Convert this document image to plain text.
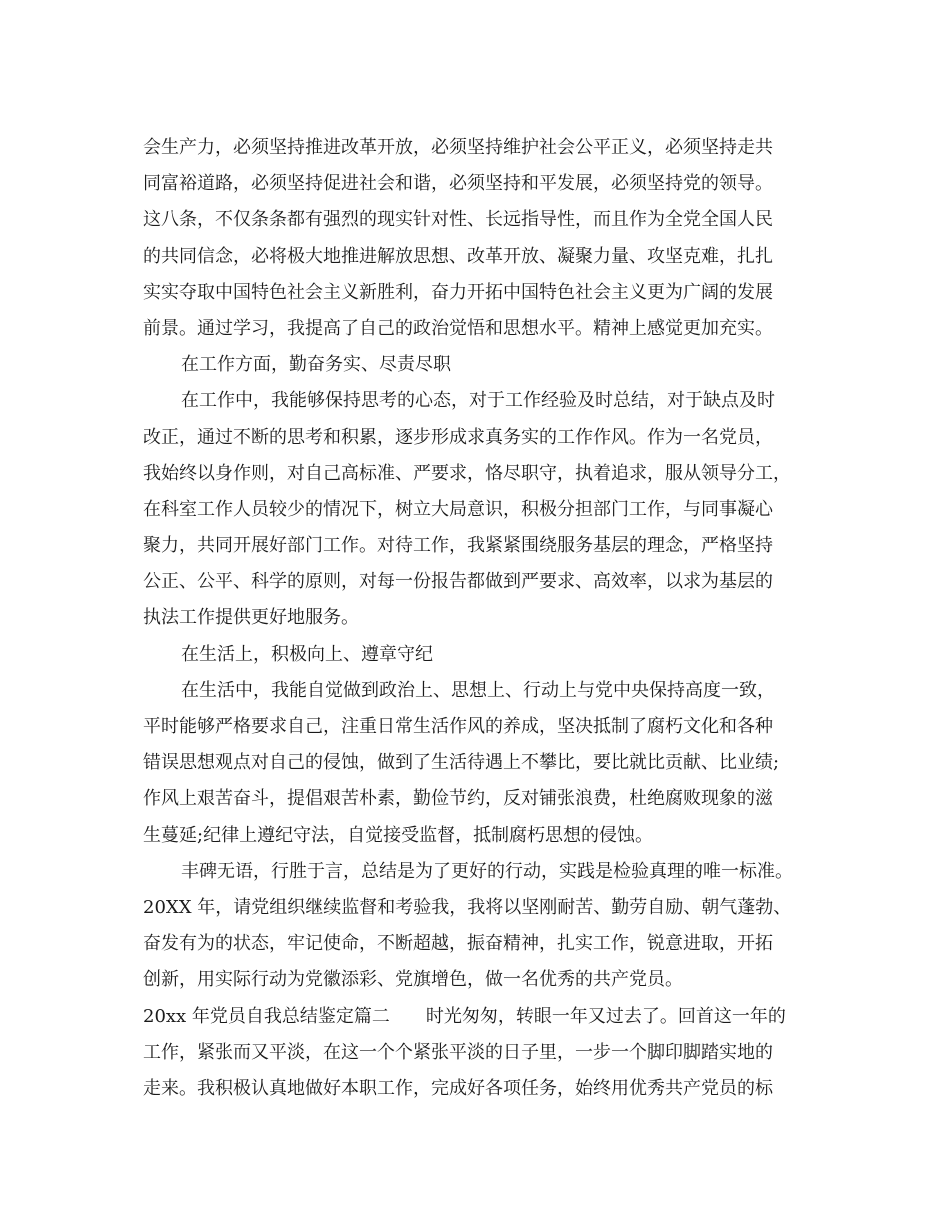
会生产力，必须坚持推进改革开放，必须坚持维护社会公平正义，必须坚持走共
同富裕道路，必须坚持促进社会和谐，必须坚持和平发展，必须坚持党的领导。
这八条，不仅条条都有强烈的现实针对性、长远指导性，而且作为全党全国人民
的共同信念，必将极大地推进解放思想、改革开放、凝聚力量、攻坚克难，扎扎
实实夺取中国特色社会主义新胜利，奋力开拓中国特色社会主义更为广阔的发展
前景。通过学习，我提高了自己的政治觉悟和思想水平。精神上感觉更加充实。
在工作方面，勤奋务实、尽责尽职
在工作中，我能够保持思考的心态，对于工作经验及时总结，对于缺点及时
改正，通过不断的思考和积累，逐步形成求真务实的工作作风。作为一名党员，
我始终以身作则，对自己高标准、严要求，恪尽职守，执着追求，服从领导分工，
在科室工作人员较少的情况下，树立大局意识，积极分担部门工作，与同事凝心
聚力，共同开展好部门工作。对待工作，我紧紧围绕服务基层的理念，严格坚持
公正、公平、科学的原则，对每一份报告都做到严要求、高效率，以求为基层的
执法工作提供更好地服务。
在生活上，积极向上、遵章守纪
在生活中，我能自觉做到政治上、思想上、行动上与党中央保持高度一致，
平时能够严格要求自己，注重日常生活作风的养成，坚决抵制了腐朽文化和各种
错误思想观点对自己的侵蚀，做到了生活待遇上不攀比，要比就比贡献、比业绩;
作风上艰苦奋斗，提倡艰苦朴素，勤俭节约，反对铺张浪费，杜绝腐败现象的滋
生蔓延;纪律上遵纪守法，自觉接受监督，抵制腐朽思想的侵蚀。
丰碑无语，行胜于言，总结是为了更好的行动，实践是检验真理的唯一标准。
20XX 年，请党组织继续监督和考验我，我将以坚刚耐苦、勤劳自励、朝气蓬勃、
奋发有为的状态，牢记使命，不断超越，振奋精神，扎实工作，锐意进取，开拓
创新，用实际行动为党徽添彩、党旗增色，做一名优秀的共产党员。
20xx 年党员自我总结鉴定篇二　　时光匆匆，转眼一年又过去了。回首这一年的
工作，紧张而又平淡，在这一个个紧张平淡的日子里，一步一个脚印脚踏实地的
走来。我积极认真地做好本职工作，完成好各项任务，始终用优秀共产党员的标
